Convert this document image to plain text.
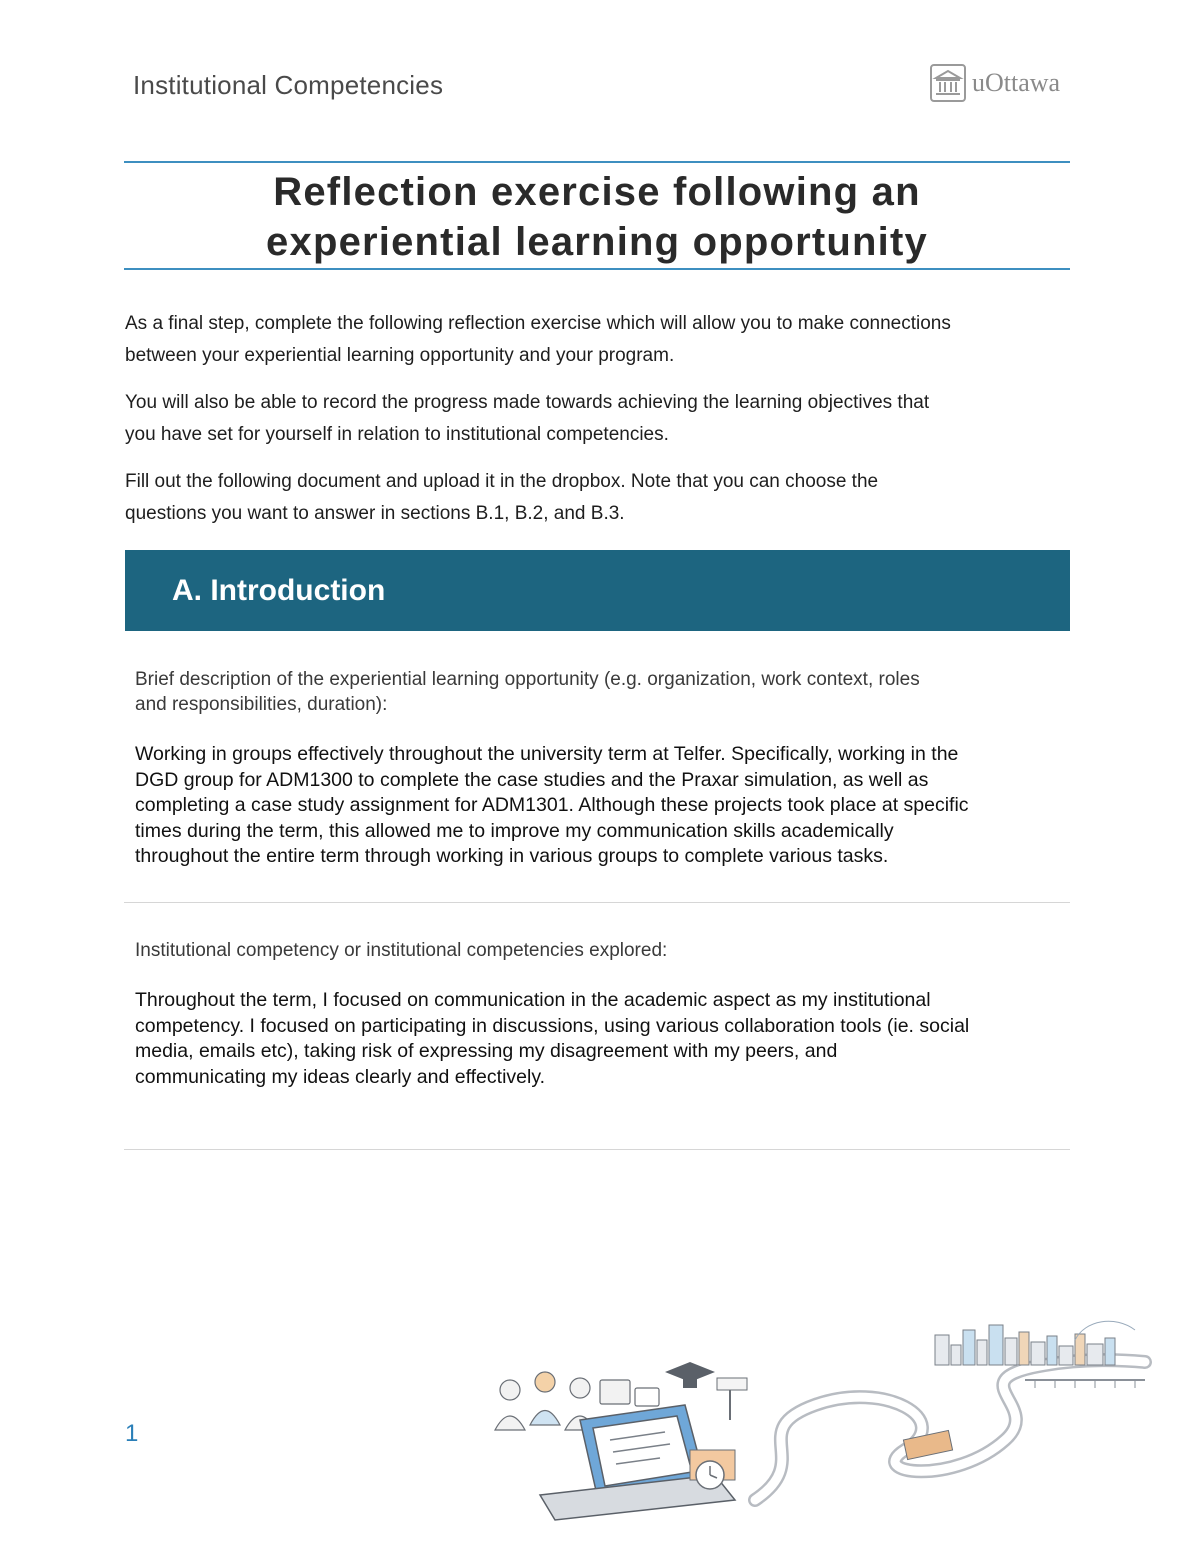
Institutional Competencies	uOttawa
Reflection exercise following an
experiential learning opportunity
As a final step, complete the following reflection exercise which will allow you to make connections
between your experiential learning opportunity and your program.
You will also be able to record the progress made towards achieving the learning objectives that
you have set for yourself in relation to institutional competencies.
Fill out the following document and upload it in the dropbox. Note that you can choose the
questions you want to answer in sections B.1, B.2, and B.3.
A. Introduction
Brief description of the experiential learning opportunity (e.g. organization, work context, roles
and responsibilities, duration):
Working in groups effectively throughout the university term at Telfer. Specifically, working in the
DGD group for ADM1300 to complete the case studies and the Praxar simulation, as well as
completing a case study assignment for ADM1301. Although these projects took place at specific
times during the term, this allowed me to improve my communication skills academically
throughout the entire term through working in various groups to complete various tasks.
Institutional competency or institutional competencies explored:
Throughout the term, I focused on communication in the academic aspect as my institutional
competency. I focused on participating in discussions, using various collaboration tools (ie. social
media, emails etc), taking risk of expressing my disagreement with my peers, and
communicating my ideas clearly and effectively.
1
